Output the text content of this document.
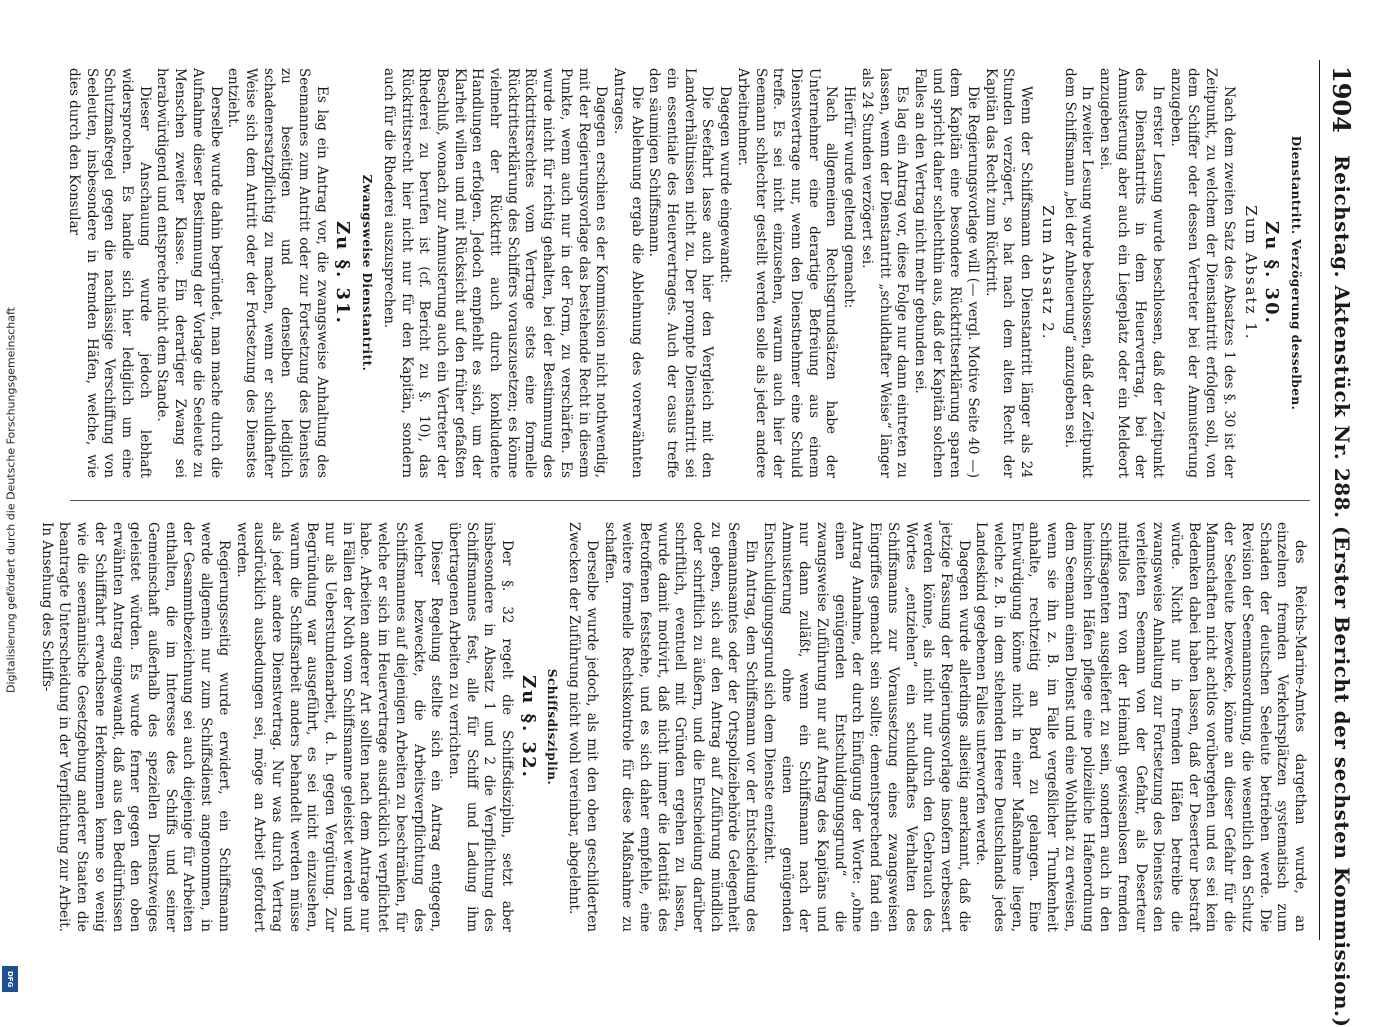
Digitalisierung gefördert durch die Deutsche Forschungsgemeinschaft
DFG
1904
Reichstag. Aktenstück Nr. 288. (Erster Bericht der sechsten Kommission.)
Dienstantritt. Verzögerung desselben.
Zu §. 30.
Zum Absatz 1.

Nach dem zweiten Satz des Absatzes 1 des §. 30 ist der Zeitpunkt, zu welchem der Dienstantritt erfolgen soll, von dem Schiffer oder dessen Vertreter bei der Anmusterung anzugeben.

In erster Lesung wurde beschlossen, daß der Zeitpunkt des Dienstantritts in dem Heuervertrag, bei der Anmusterung aber auch ein Liegeplatz oder ein Meldeort anzugeben sei.

In zweiter Lesung wurde beschlossen, daß der Zeitpunkt dem Schiffsmann „bei der Anheuerung“ anzugeben sei.

Zum Absatz 2.

Wenn der Schiffsmann den Dienstantritt länger als 24 Stunden verzögert, so hat nach dem alten Recht der Kapitän das Recht zum Rücktritt.

Die Regierungsvorlage will (— vergl. Motive Seite 40 —) dem Kapitän eine besondere Rücktrittserklärung sparen und spricht daher schlechthin aus, daß der Kapitän solchen Falles an den Vertrag nicht mehr gebunden sei.

Es lag ein Antrag vor, diese Folge nur dann eintreten zu lassen, wenn der Dienstantritt „schuldhafter Weise“ länger als 24 Stunden verzögert sei.

Hierfür wurde geltend gemacht:

Nach allgemeinen Rechtsgrundsätzen habe der Unternehmer eine derartige Befreiung aus einem Dienstvertrage nur, wenn den Dienstnehmer eine Schuld treffe. Es sei nicht einzusehen, warum auch hier der Seemann schlechter gestellt werden solle als jeder andere Arbeitnehmer.

Dagegen wurde eingewandt:

Die Seefahrt lasse auch hier den Vergleich mit den Landverhältnissen nicht zu. Der prompte Dienstantritt sei ein essentiale des Heuervertrages. Auch der casus treffe den säumigen Schiffsmann.

Die Ablehnung ergab die Ablehnung des vorerwähnten Antrages.

Dagegen erschien es der Kommission nicht nothwendig, mit der Regierungsvorlage das bestehende Recht in diesem Punkte, wenn auch nur in der Form, zu verschärfen. Es wurde nicht für richtig gehalten, bei der Bestimmung des Rücktrittsrechtes vom Vertrage stets eine formelle Rücktrittserklärung des Schiffers vorauszusetzen; es könne vielmehr der Rücktritt auch durch konkludente Handlungen erfolgen. Jedoch empfiehlt es sich, um der Klarheit willen und mit Rücksicht auf den früher gefaßten Beschluß, wonach zur Anmusterung auch ein Vertreter der Rhederei zu berufen ist (cf. Bericht zu §. 10), das Rücktrittsrecht hier nicht nur für den Kapitän, sondern auch für die Rhederei auszusprechen.

Zwangsweise Dienstantritt.
Zu §. 31.

Es lag ein Antrag vor, die zwangsweise Anhaltung des Seemannes zum Antritt oder zur Fortsetzung des Dienstes zu beseitigen und denselben lediglich schadenersatzpflichtig zu machen, wenn er schuldhafter Weise sich dem Antritt oder der Fortsetzung des Dienstes entzieht.

Derselbe wurde dahin begründet, man mache durch die Aufnahme dieser Bestimmung der Vorlage die Seeleute zu Menschen zweiter Klasse. Ein derartiger Zwang sei herabwürdigend und entspreche nicht dem Stande.

Dieser Anschauung wurde jedoch lebhaft widersprochen. Es handle sich hier lediglich um eine Schutzmaßregel gegen die nachlässige Verschiffung von Seeleuten, insbesondere in fremden Häfen, welche, wie dies durch den Konsular

des Reichs-Marine-Amtes dargethan wurde, an einzelnen fremden Verkehrsplätzen systematisch zum Schaden der deutschen Seeleute betrieben werde. Die Revision der Seemannsordnung, die wesentlich den Schutz der Seeleute bezwecke, könne an dieser Gefahr für die Mannschaften nicht achtlos vorübergehen und es sei kein Bedenken dabei haben lassen, daß der Deserteur bestraft würde. Nicht nur in fremden Häfen betreibe die zwangsweise Anhaltung zur Fortsetzung des Dienstes den verleiteten Seemann von der Gefahr, als Deserteur mittellos fern von der Heimath gewissenlosen fremden Schiffsagenten ausgeliefert zu sein, sondern auch in den heimischen Häfen pflege eine polizeiliche Hafenordnung dem Seemann einen Dienst und eine Wohlthat zu erweisen, wenn sie ihn z. B. im Falle vergeßlicher Trunkenheit anhalte, rechtzeitig an Bord zu gelangen. Eine Entwürdigung könne nicht in einer Maßnahme liegen, welche z. B. in dem stehenden Heere Deutschlands jedes Landeskind gegebenen Falles unterworfen werde.

Dagegen wurde allerdings allseitig anerkannt, daß die jetzige Fassung der Regierungsvorlage insofern verbessert werden könne, als nicht nur durch den Gebrauch des Wortes „entziehen“ ein schuldhaftes Verhalten des Schiffsmanns zur Voraussetzung eines zwangsweisen Eingriffes gemacht sein sollte; dementsprechend fand ein Antrag Annahme, der durch Einfügung der Worte: „ohne einen genügenden Entschuldigungsgrund“ die zwangsweise Zuführung nur auf Antrag des Kapitäns und nur dann zuläßt, wenn ein Schiffsmann nach der Anmusterung ohne einen genügenden Entschuldigungsgrund sich dem Dienste entzieht.

Ein Antrag, dem Schiffsmann vor der Entscheidung des Seemannsamtes oder der Ortspolizeibehörde Gelegenheit zu geben, sich auf den Antrag auf Zuführung mündlich oder schriftlich zu äußern, und die Entscheidung darüber schriftlich, eventuell mit Gründen ergehen zu lassen, wurde damit motivirt, daß nicht immer die Identität des Betroffenen feststehe, und es sich daher empfehle, eine weitere formelle Rechtskontrole für diese Maßnahme zu schaffen.

Derselbe wurde jedoch, als mit den oben geschilderten Zwecken der Zuführung nicht wohl vereinbar, abgelehnt.

Schiffsdisziplin.
Zu §. 32.

Der §. 32 regelt die Schiffsdisziplin, setzt aber insbesondere in Absatz 1 und 2 die Verpflichtung des Schiffsmannes fest, alle für Schiff und Ladung ihm übertragenen Arbeiten zu verrichten.

Dieser Regelung stellte sich ein Antrag entgegen, welcher bezweckte, die Arbeitsverpflichtung des Schiffsmannes auf diejenigen Arbeiten zu beschränken, für welche er sich im Heuervertrage ausdrücklich verpflichtet habe. Arbeiten anderer Art sollten nach dem Antrage nur in Fällen der Noth vom Schiffsmanne geleistet werden und nur als Ueberstundenarbeit, d. h. gegen Vergütung. Zur Begründung war ausgeführt, es sei nicht einzusehen, warum die Schiffsarbeit anders behandelt werden müsse als jeder andere Dienstvertrag. Nur was durch Vertrag ausdrücklich ausbedungen sei, möge an Arbeit gefordert werden.

Regierungsseitig wurde erwidert, ein Schiffsmann werde allgemein nur zum Schiffsdienst angenommen, in der Gesammtbezeichnung sei auch diejenige für Arbeiten enthalten, die im Interesse des Schiffs und seiner Gemeinschaft außerhalb des speziellen Dienstzweiges geleistet würden. Es wurde ferner gegen den oben erwähnten Antrag eingewandt, daß aus den Bedürfnissen der Schifffahrt erwachsene Herkommen kenne so wenig wie die seemännische Gesetzgebung anderer Staaten die beantragte Unterscheidung in der Verpflichtung zur Arbeit. In Ansehung des Schiffs-
